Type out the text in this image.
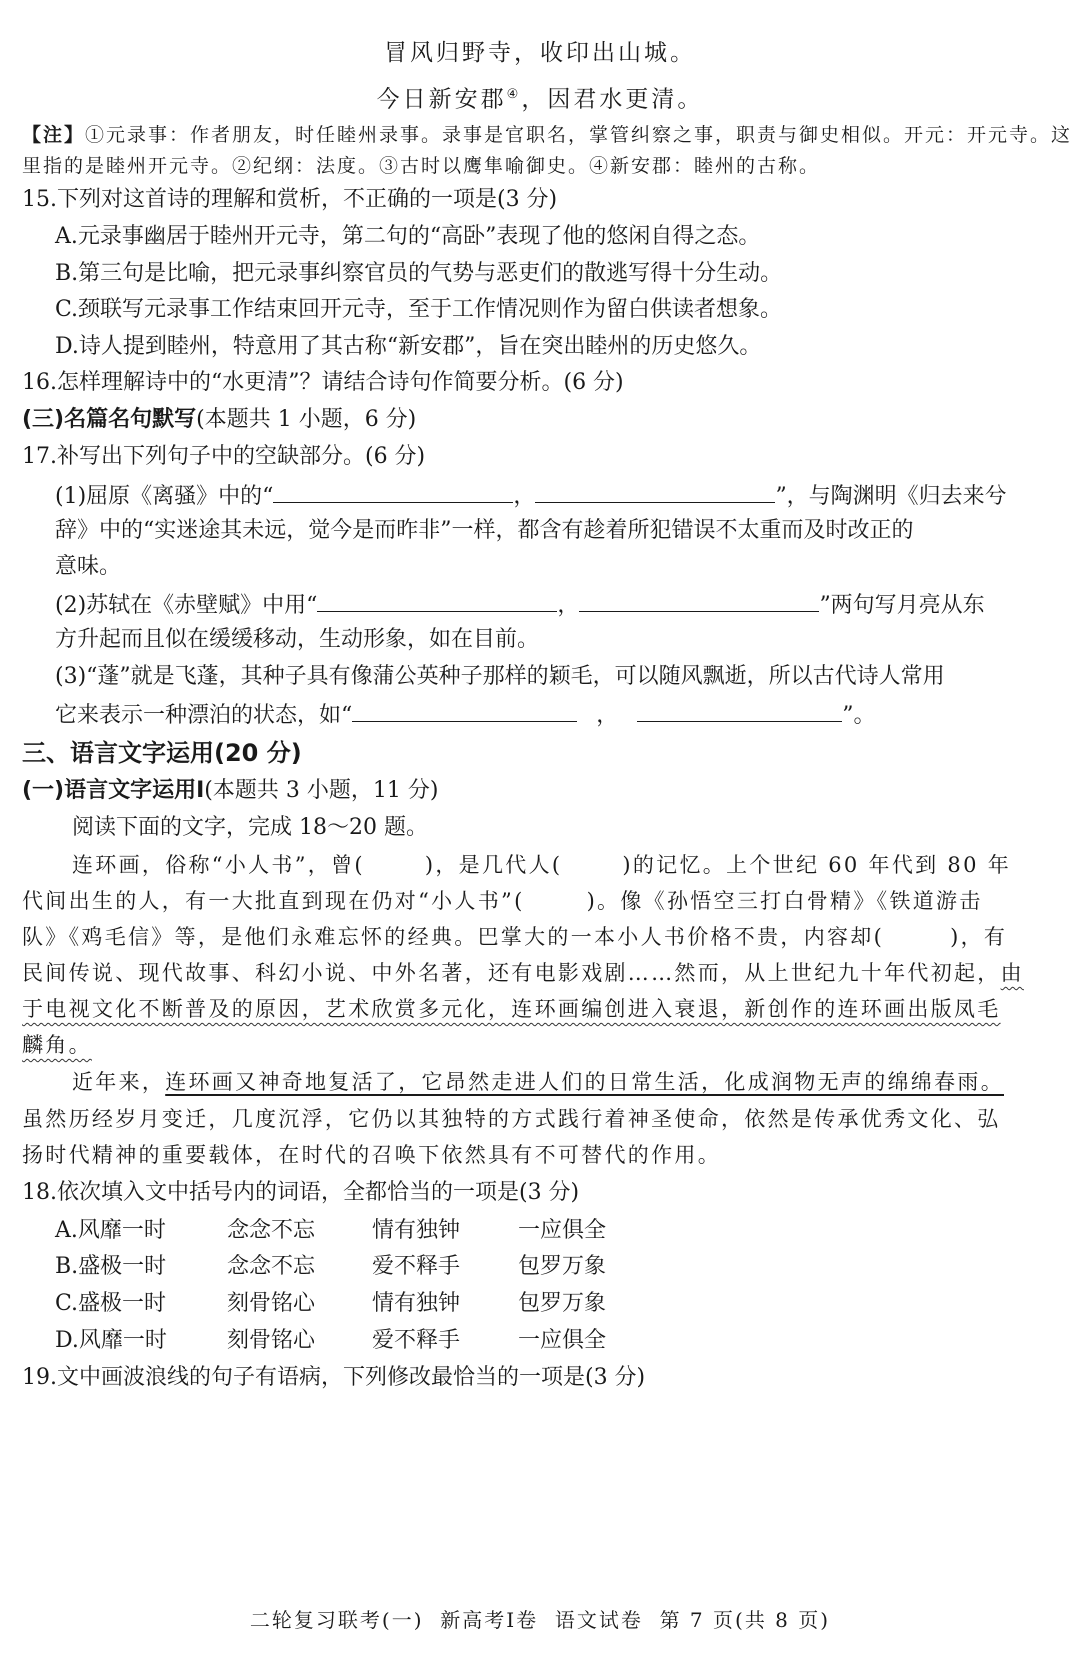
冒风归野寺，收印出山城。
今日新安郡④，因君水更清。
【注】①元录事：作者朋友，时任睦州录事。录事是官职名，掌管纠察之事，职责与御史相似。开元：开元寺。这
里指的是睦州开元寺。②纪纲：法度。③古时以鹰隼喻御史。④新安郡：睦州的古称。
15.下列对这首诗的理解和赏析，不正确的一项是(3 分)
A.元录事幽居于睦州开元寺，第二句的“高卧”表现了他的悠闲自得之态。
B.第三句是比喻，把元录事纠察官员的气势与恶吏们的散逃写得十分生动。
C.颈联写元录事工作结束回开元寺，至于工作情况则作为留白供读者想象。
D.诗人提到睦州，特意用了其古称“新安郡”，旨在突出睦州的历史悠久。
16.怎样理解诗中的“水更清”？请结合诗句作简要分析。(6 分)
(三)名篇名句默写(本题共 1 小题，6 分)
17.补写出下列句子中的空缺部分。(6 分)
(1)屈原《离骚》中的“	，	”，与陶渊明《归去来兮
辞》中的“实迷途其未远，觉今是而昨非”一样，都含有趁着所犯错误不太重而及时改正的
意味。
(2)苏轼在《赤壁赋》中用“	，	”两句写月亮从东
方升起而且似在缓缓移动，生动形象，如在目前。
(3)“蓬”就是飞蓬，其种子具有像蒲公英种子那样的颖毛，可以随风飘逝，所以古代诗人常用
它来表示一种漂泊的状态，如“	，	”。
三、语言文字运用(20 分)
(一)语言文字运用Ⅰ(本题共 3 小题，11 分)
阅读下面的文字，完成 18～20 题。
连环画，俗称“小人书”，曾(	)，是几代人(	)的记忆。上个世纪 60 年代到 80 年
代间出生的人，有一大批直到现在仍对“小人书”(	)。像《孙悟空三打白骨精》《铁道游击
队》《鸡毛信》等，是他们永难忘怀的经典。巴掌大的一本小人书价格不贵，内容却(	)，有
民间传说、现代故事、科幻小说、中外名著，还有电影戏剧……然而，从上世纪九十年代初起，由
于电视文化不断普及的原因，艺术欣赏多元化，连环画编创进入衰退，新创作的连环画出版凤毛
麟角。
近年来，连环画又神奇地复活了，它昂然走进人们的日常生活，化成润物无声的绵绵春雨。
虽然历经岁月变迁，几度沉浮，它仍以其独特的方式践行着神圣使命，依然是传承优秀文化、弘
扬时代精神的重要载体，在时代的召唤下依然具有不可替代的作用。
18.依次填入文中括号内的词语，全都恰当的一项是(3 分)
A.风靡一时	念念不忘	情有独钟	一应俱全
B.盛极一时	念念不忘	爱不释手	包罗万象
C.盛极一时	刻骨铭心	情有独钟	包罗万象
D.风靡一时	刻骨铭心	爱不释手	一应俱全
19.文中画波浪线的句子有语病，下列修改最恰当的一项是(3 分)
二轮复习联考(一)  新高考Ⅰ卷  语文试卷  第 7 页(共 8 页)
